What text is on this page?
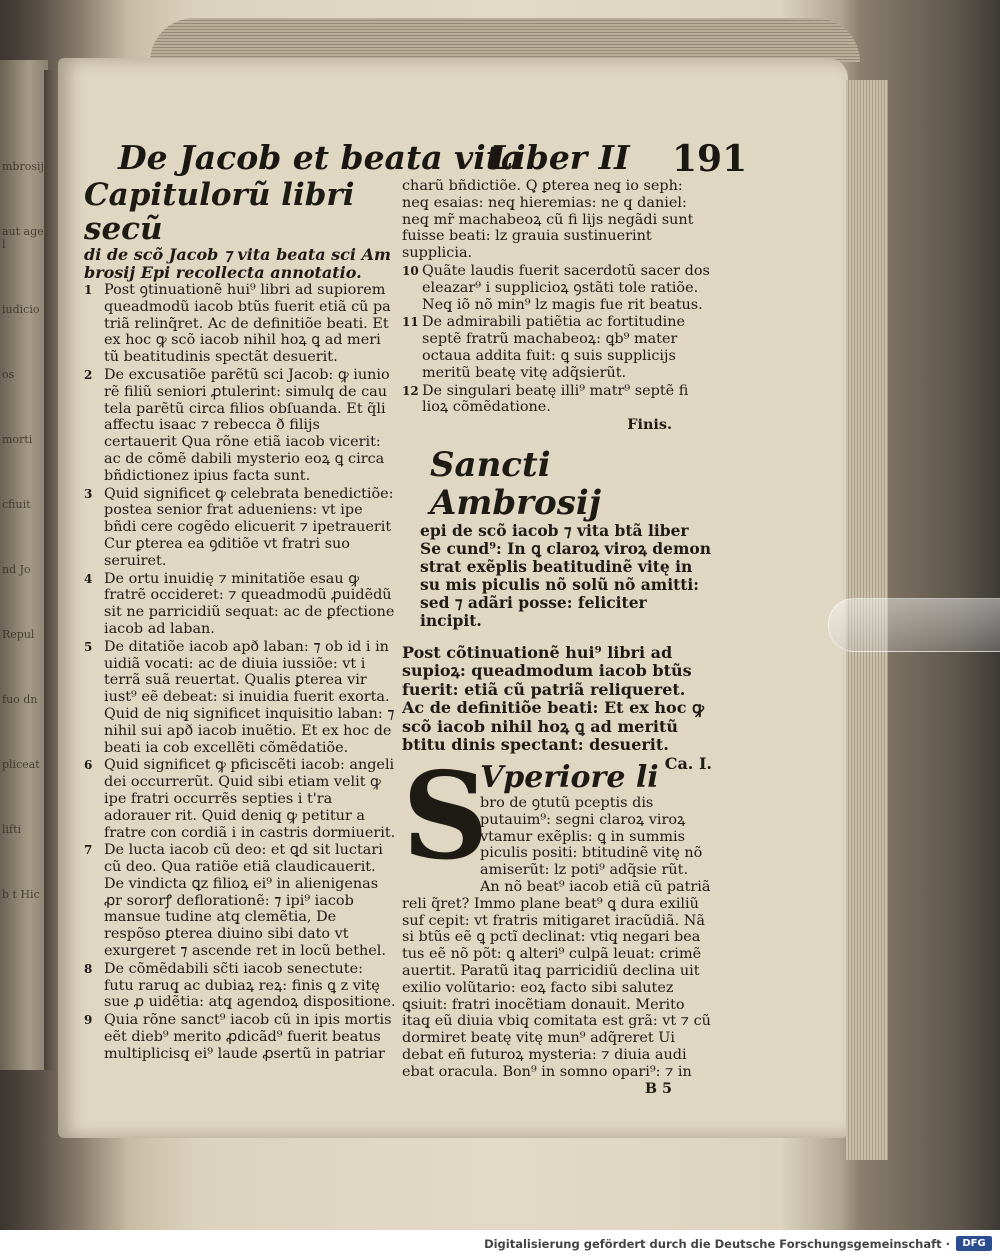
mbrosij
aut agel
iudicio
os
morti
cfiuit
nd Jo
Repul
fuo dn
pliceat
lifti
b t Hic
De Jacob et beata vita
Liber II 191
Capitulorũ libri secũ
di de scõ Jacob ⁊ vita beata sci Am brosij Epi recollecta annotatio.
1 Post ꝯtinuationẽ hui⁹ libri ad supiorem queadmodũ iacob btũs fuerit etiã cũ pa triã relinq̃ret. Ac de definitiõe beati. Et ex hoc ꝙ scõ iacob nihil hoꝝ ꝗ ad meri tũ beatitudinis spectãt desuerit.
2 De excusatiõe parẽtũ sci Jacob: ꝙ iunio rẽ filiũ seniori ꝓtulerint: simulq̧ de cau tela parẽtũ circa filios obſuanda. Et q̃li affectu isaac ⁊ rebecca ð filijs certauerit Qua rõne etiã iacob vicerit: ac de cõmẽ dabili mysterio eoꝝ ꝗ circa bñdictionez ipius facta sunt.
3 Quid significet ꝙ celebrata benedictiõe: postea senior frat adueniens: vt ipe bñdi cere cogẽdo elicuerit ⁊ ipetrauerit Cur ꝑterea ea ꝯditiõe vt fratri suo seruiret.
4 De ortu inuidię ⁊ minitatiõe esau ꝙ fratrẽ occideret: ⁊ queadmodũ ꝓuidẽdũ sit ne parricidiũ sequat: ac de ꝑfectione iacob ad laban.
5 De ditatiõe iacob apð laban: ⁊ ob id i in uidiã vocati: ac de diuia iussiõe: vt i terrã suã reuertat. Qualis ꝑterea vir iust⁹ eẽ debeat: si inuidia fuerit exorta. Quid de niq̧ significet inquisitio laban: ⁊ nihil sui apð iacob inuẽtio. Et ex hoc de beati ia cob excellẽti cõmẽdatiõe.
6 Quid significet ꝙ pficiscẽti iacob: angeli dei occurrerũt. Quid sibi etiam velit ꝙ ipe fratri occurrẽs septies i t'ra adorauer rit. Quid deniq̧ ꝙ petitur a fratre con cordiã i in castris dormiuerit.
7 De lucta iacob cũ deo: et ꝗd sit luctari cũ deo. Qua ratiõe etiã claudicauerit. De vindicta ꝗz filioꝝ ei⁹ in alienigenas ꝓr sororꝭ deflorationẽ: ⁊ ipi⁹ iacob mansue tudine atq̧ clemẽtia, De respõso ꝑterea diuino sibi dato vt exurgeret ⁊ ascende ret in locũ bethel.
8 De cõmẽdabili sc̃ti iacob senectute: futu raruq̧ ac dubiaꝝ reꝝ: finis ꝗ z vitę sue ꝓ uidẽtia: atq̧ agendoꝝ dispositione.
9 Quia rõne sanct⁹ iacob cũ in ipis mortis eẽt dieb⁹ merito ꝓdicãd⁹ fuerit beatus multiplicisq̧ ei⁹ laude ꝓsertũ in patriar
charũ bñdictiõe. Q̧ ꝑterea neq̧ io seph: neq̧ esaias: neq̧ hieremias: ne q̧ daniel: neq̧ mr̃ machabeoꝝ cũ fi lijs negãdi sunt fuisse beati: lz grauia sustinuerint supplicia.
10 Quãte laudis fuerit sacerdotũ sacer dos eleazar⁹ i supplicioꝝ ꝯstãti tole ratiõe. Neq̧ iõ nõ min⁹ lz magis fue rit beatus.
11 De admirabili patiẽtia ac fortitudine septẽ fratrũ machabeoꝝ: ꝗb⁹ mater octaua addita fuit: ꝗ suis supplicijs meritũ beatę vitę adq̃sierũt.
12 De singulari beatę illi⁹ matr⁹ septẽ fi lioꝝ cõmẽdatione.
Finis.
Sancti Ambrosij
epi de scõ iacob ⁊ vita btã liber Se cund⁹: In ꝗ claroꝝ viroꝝ demon strat exẽplis beatitudinẽ vitę in su mis piculis nõ solũ nõ amitti: sed ⁊ adãri posse: feliciter incipit.
Post cõtinuationẽ hui⁹ libri ad supioꝝ: queadmodum iacob btũs fuerit: etiã cũ patriã reliqueret. Ac de definitiõe beati: Et ex hoc ꝙ scõ iacob nihil hoꝝ ꝗ ad meritũ btitu dinis spectant: desuerit.
Ca. I.
S
Vperiore li
bro de ꝯtutũ pceptis dis putauim⁹: segni claroꝝ viroꝝ vtamur exẽplis: ꝗ in summis piculis positi: btitudinẽ vitę nõ amiserũt: lz poti⁹ adq̃sie rũt. An nõ beat⁹ iacob etiã cũ patriã reli q̃ret? Immo plane beat⁹ ꝗ dura exiliũ suf cepit: vt fratris mitigaret iracũdiã. Nã si btũs eẽ ꝗ pctĩ declinat: vtiq̧ negari bea tus eẽ nõ põt: ꝗ alteri⁹ culpã leuat: crimẽ auertit. Paratũ itaq̧ parricidiũ declina uit exilio volũtario: eoꝝ facto sibi salutez ꝗsiuit: fratri inocẽtiam donauit. Merito itaq̧ eũ diuia vbiq̧ comitata est grã: vt ⁊ cũ dormiret beatę vitę mun⁹ adq̃reret Ui debat eñ futuroꝝ mysteria: ⁊ diuia audi ebat oracula. Bon⁹ in somno opari⁹: ⁊ in
B 5
Digitalisierung gefördert durch die Deutsche Forschungsgemeinschaft ·	DFG
